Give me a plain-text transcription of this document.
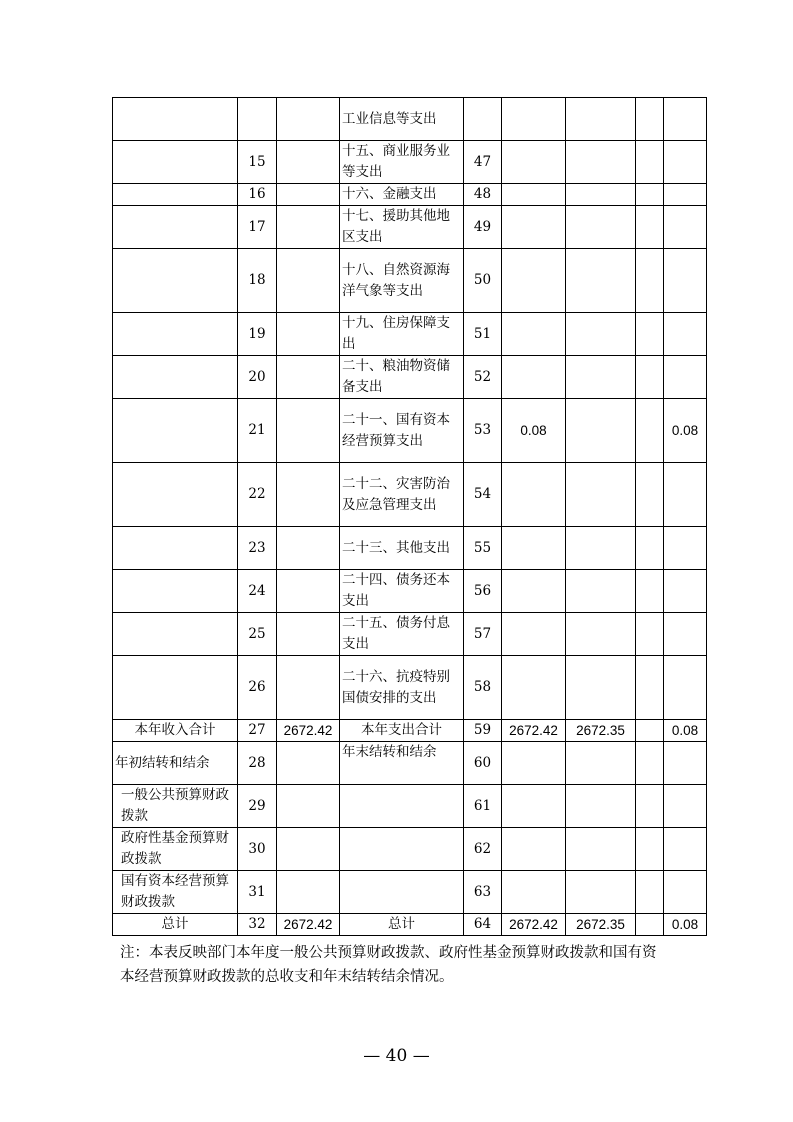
			工业信息等支出					
	15		十五、商业服务业等支出	47				
	16		十六、金融支出	48				
	17		十七、援助其他地区支出	49				
	18		十八、自然资源海洋气象等支出	50				
	19		十九、住房保障支出	51				
	20		二十、粮油物资储备支出	52				
	21		二十一、国有资本经营预算支出	53	0.08			0.08
	22		二十二、灾害防治及应急管理支出	54				
	23		二十三、其他支出	55				
	24		二十四、债务还本支出	56				
	25		二十五、债务付息支出	57				
	26		二十六、抗疫特别国债安排的支出	58				
本年收入合计	27	2672.42	本年支出合计	59	2672.42	2672.35		0.08
年初结转和结余	28		年末结转和结余	60				
一般公共预算财政拨款	29			61				
政府性基金预算财政拨款	30			62				
国有资本经营预算财政拨款	31			63				
总计	32	2672.42	总计	64	2672.42	2672.35		0.08
注：本表反映部门本年度一般公共预算财政拨款、政府性基金预算财政拨款和国有资本经营预算财政拨款的总收支和年末结转结余情况。
— 40 —
